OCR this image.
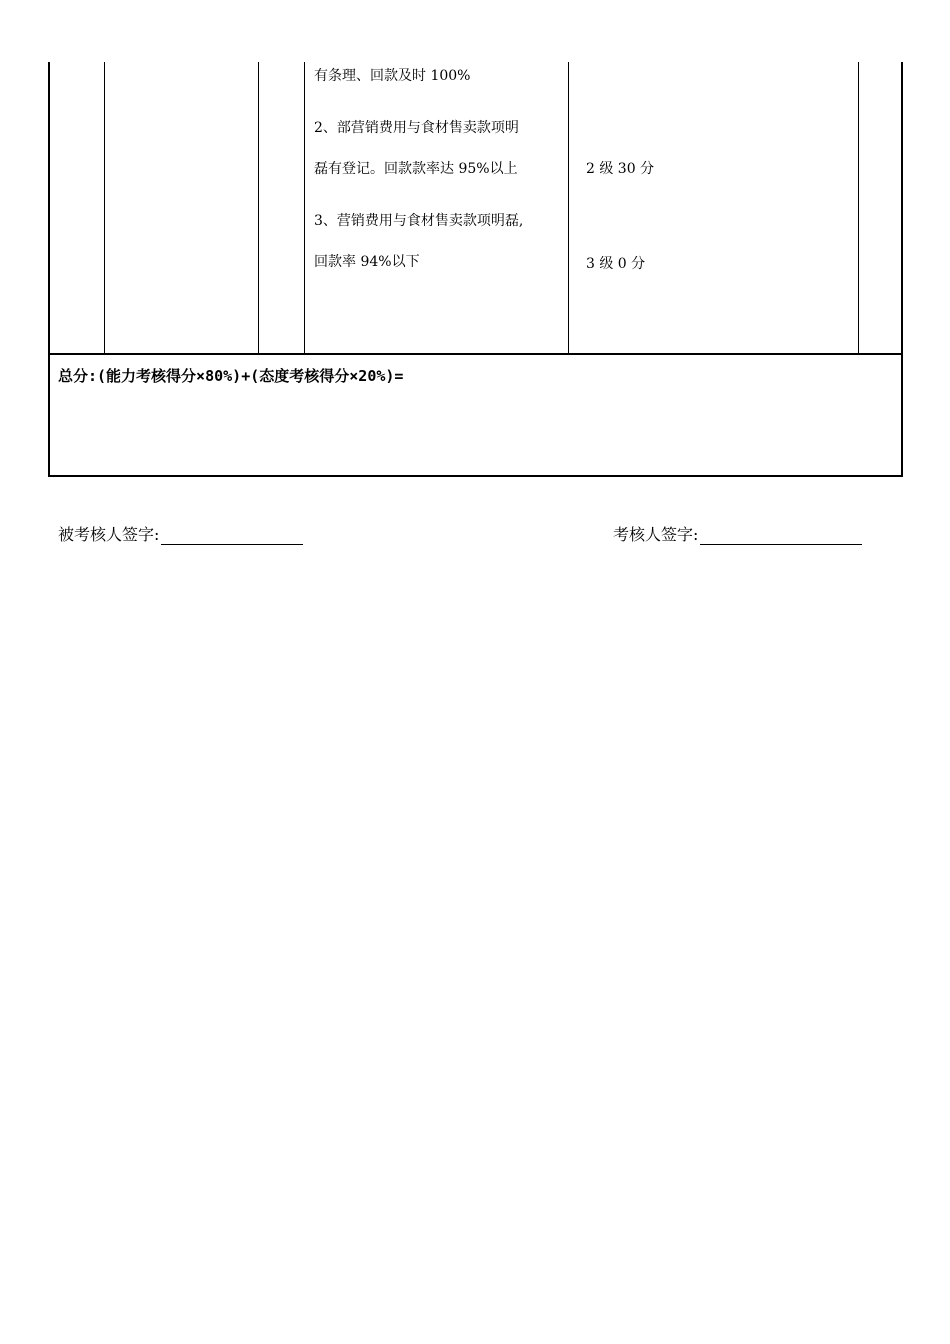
有条理、回款及时 100%
2、部营销费用与食材售卖款项明
磊有登记。回款款率达 95%以上
3、营销费用与食材售卖款项明磊,
回款率 94%以下
2 级 30 分
3 级 0 分
总分:(能力考核得分×80%)+(态度考核得分×20%)=
被考核人签字:	考核人签字:
